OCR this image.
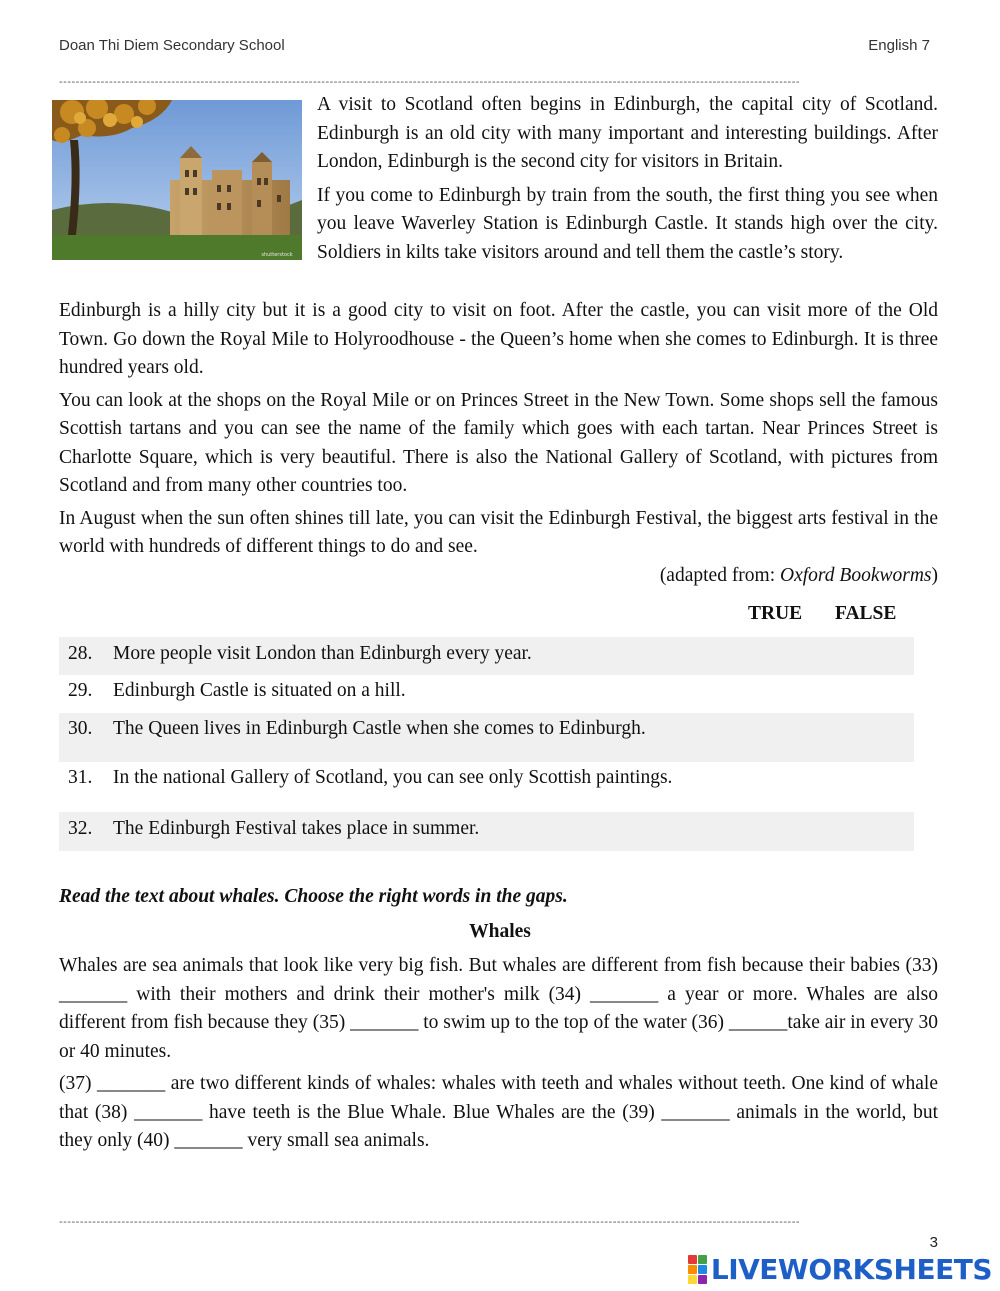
Doan Thi Diem Secondary School	English 7
----------------------------------------------------------------------------------------------------------------------------------------------------------------------------------
shutterstock

A visit to Scotland often begins in Edinburgh, the capital city of Scotland. Edinburgh is an old city with many important and interesting buildings. After London, Edinburgh is the second city for visitors in Britain.

If you come to Edinburgh by train from the south, the first thing you see when you leave Waverley Station is Edinburgh Castle. It stands high over the city. Soldiers in kilts take visitors around and tell them the castle’s story.

Edinburgh is a hilly city but it is a good city to visit on foot. After the castle, you can visit more of the Old Town. Go down the Royal Mile to Holyroodhouse - the Queen’s home when she comes to Edinburgh. It is three hundred years old.

You can look at the shops on the Royal Mile or on Princes Street in the New Town. Some shops sell the famous Scottish tartans and you can see the name of the family which goes with each tartan. Near Princes Street is Charlotte Square, which is very beautiful. There is also the National Gallery of Scotland, with pictures from Scotland and from many other countries too.

In August when the sun often shines till late, you can visit the Edinburgh Festival, the biggest arts festival in the world with hundreds of different things to do and see.

(adapted from: Oxford Bookworms)
TRUE FALSE
28. More people visit London than Edinburgh every year.
29. Edinburgh Castle is situated on a hill.
30. The Queen lives in Edinburgh Castle when she comes to Edinburgh.
31. In the national Gallery of Scotland, you can see only Scottish paintings.
32. The Edinburgh Festival takes place in summer.
Read the text about whales. Choose the right words in the gaps.
Whales

Whales are sea animals that look like very big fish. But whales are different from fish because their babies (33) _______ with their mothers and drink their mother's milk (34) _______ a year or more. Whales are also different from fish because they (35) _______ to swim up to the top of the water (36) ______take air in every 30 or 40 minutes.

(37) _______ are two different kinds of whales: whales with teeth and whales without teeth. One kind of whale that (38) _______ have teeth is the Blue Whale. Blue Whales are the (39) _______ animals in the world, but they only (40) _______ very small sea animals.

----------------------------------------------------------------------------------------------------------------------------------------------------------------------------------
3
LIVEWORKSHEETS
